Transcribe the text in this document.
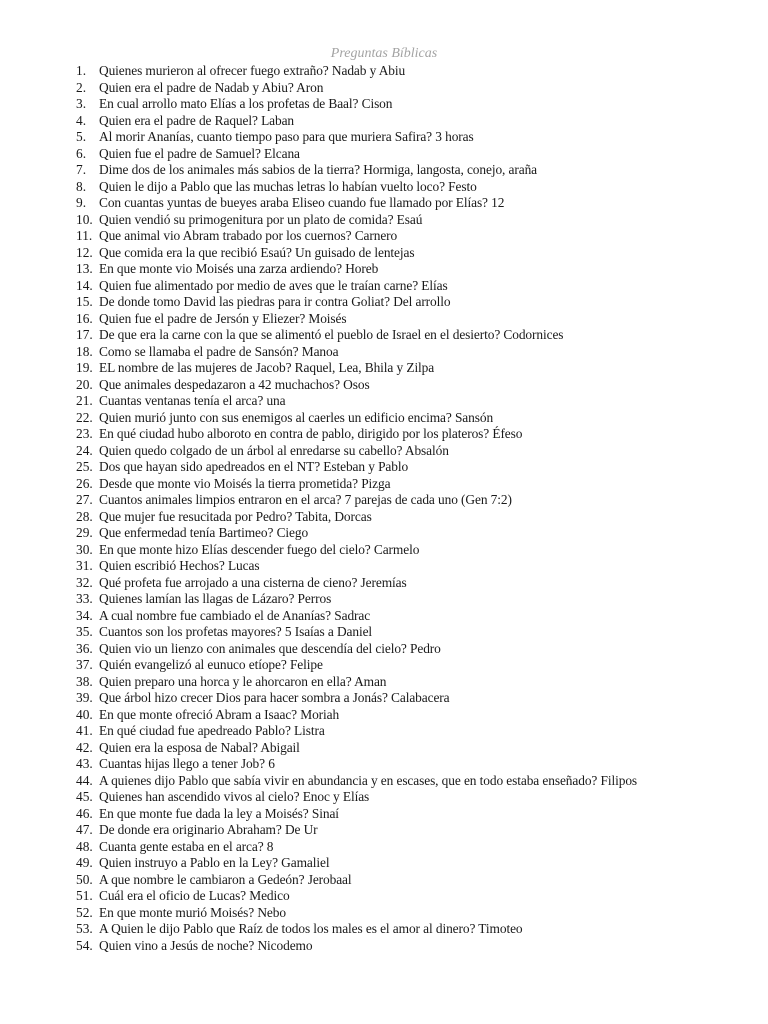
Preguntas Bíblicas
1. Quienes murieron al ofrecer fuego extraño? Nadab y Abiu
2. Quien era el padre de Nadab y Abiu? Aron
3. En cual arrollo mato Elías a los profetas de Baal? Cison
4. Quien era el padre de Raquel? Laban
5. Al morir Ananías, cuanto tiempo paso para que muriera Safira? 3 horas
6. Quien fue el padre de Samuel? Elcana
7. Dime dos de los animales más sabios de la tierra? Hormiga, langosta, conejo, araña
8. Quien le dijo a Pablo que las muchas letras lo habían vuelto loco? Festo
9. Con cuantas yuntas de bueyes araba Eliseo cuando fue llamado por Elías? 12
10. Quien vendió su primogenitura por un plato de comida? Esaú
11. Que animal vio Abram trabado por los cuernos? Carnero
12. Que comida era la que recibió Esaú? Un guisado de lentejas
13. En que monte vio Moisés una zarza ardiendo? Horeb
14. Quien fue alimentado por medio de aves que le traían carne? Elías
15. De donde tomo David las piedras para ir contra Goliat? Del arrollo
16. Quien fue el padre de Jersón y Eliezer? Moisés
17. De que era la carne con la que se alimentó el pueblo de Israel en el desierto? Codornices
18. Como se llamaba el padre de Sansón? Manoa
19. EL nombre de las mujeres de Jacob? Raquel, Lea, Bhila y Zilpa
20. Que animales despedazaron a 42 muchachos? Osos
21. Cuantas ventanas tenía el arca? una
22. Quien murió junto con sus enemigos al caerles un edificio encima? Sansón
23. En qué ciudad hubo alboroto en contra de pablo, dirigido por los plateros? Éfeso
24. Quien quedo colgado de un árbol al enredarse su cabello? Absalón
25. Dos que hayan sido apedreados en el NT? Esteban y Pablo
26. Desde que monte vio Moisés la tierra prometida? Pizga
27. Cuantos animales limpios entraron en el arca? 7 parejas de cada uno (Gen 7:2)
28. Que mujer fue resucitada por Pedro? Tabita, Dorcas
29. Que enfermedad tenía Bartimeo? Ciego
30. En que monte hizo Elías descender fuego del cielo? Carmelo
31. Quien escribió Hechos? Lucas
32. Qué profeta fue arrojado a una cisterna de cieno? Jeremías
33. Quienes lamían las llagas de Lázaro? Perros
34. A cual nombre fue cambiado el de Ananías? Sadrac
35. Cuantos son los profetas mayores? 5 Isaías a Daniel
36. Quien vio un lienzo con animales que descendía del cielo? Pedro
37. Quién evangelizó al eunuco etíope? Felipe
38. Quien preparo una horca y le ahorcaron en ella? Aman
39. Que árbol hizo crecer Dios para hacer sombra a Jonás? Calabacera
40. En que monte ofreció Abram a Isaac? Moriah
41. En qué ciudad fue apedreado Pablo? Listra
42. Quien era la esposa de Nabal? Abigail
43. Cuantas hijas llego a tener Job? 6
44. A quienes dijo Pablo que sabía vivir en abundancia y en escases, que en todo estaba enseñado? Filipos
45. Quienes han ascendido vivos al cielo? Enoc y Elías
46. En que monte fue dada la ley a Moisés? Sinaí
47. De donde era originario Abraham? De Ur
48. Cuanta gente estaba en el arca? 8
49. Quien instruyo a Pablo en la Ley? Gamaliel
50. A que nombre le cambiaron a Gedeón? Jerobaal
51. Cuál era el oficio de Lucas? Medico
52. En que monte murió Moisés? Nebo
53. A Quien le dijo Pablo que Raíz de todos los males es el amor al dinero? Timoteo
54. Quien vino a Jesús de noche? Nicodemo
